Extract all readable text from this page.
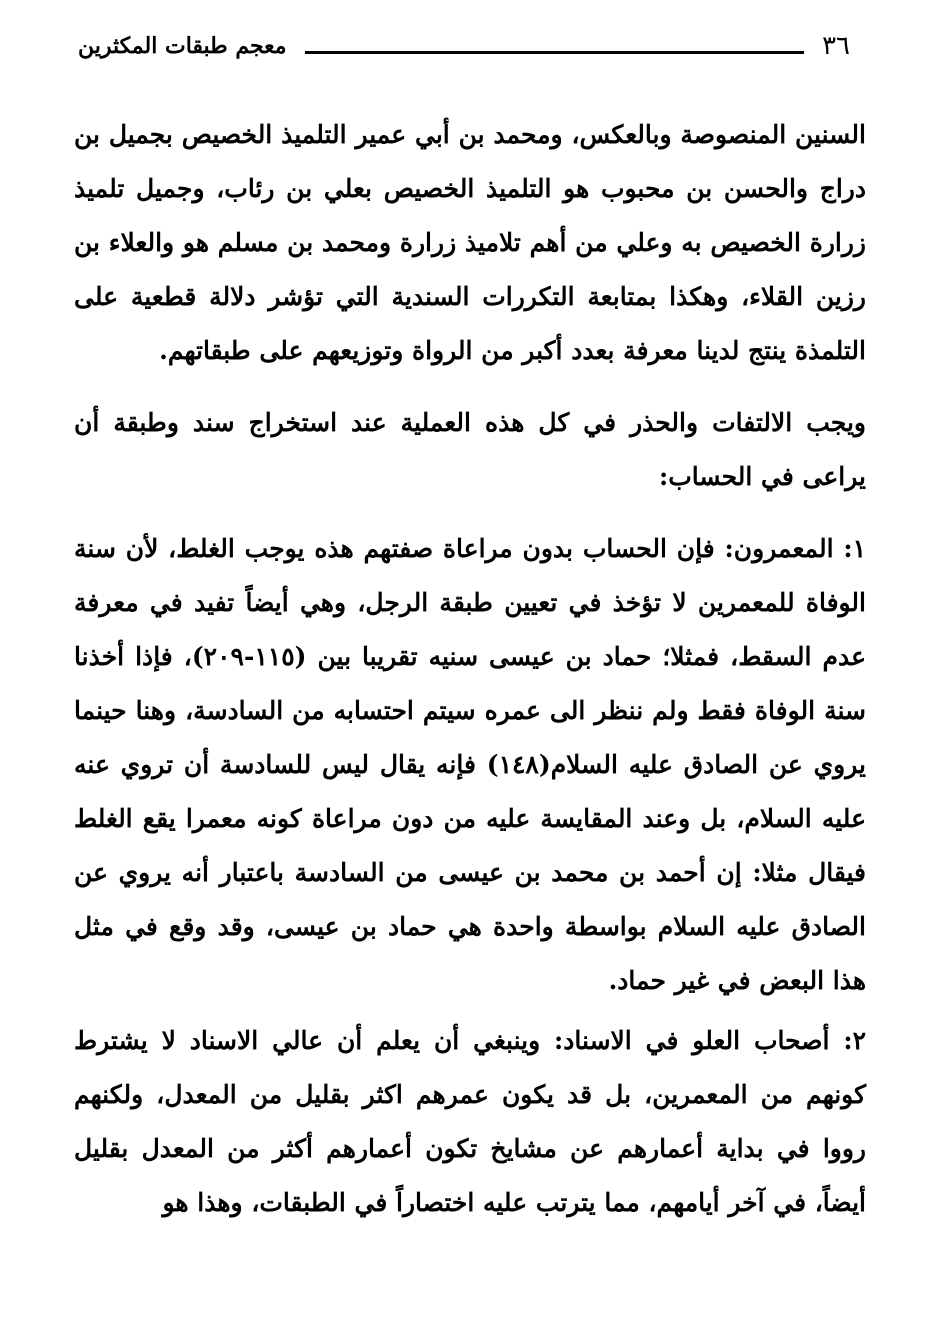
٣٦
معجم طبقات المكثرين

السنين المنصوصة وبالعكس، ومحمد بن أبي عمير التلميذ الخصيص بجميل بن دراج والحسن بن محبوب هو التلميذ الخصيص بعلي بن رئاب، وجميل تلميذ زرارة الخصيص به وعلي من أهم تلاميذ زرارة ومحمد بن مسلم هو والعلاء بن رزين القلاء، وهكذا بمتابعة التكررات السندية التي تؤشر دلالة قطعية على التلمذة ينتج لدينا معرفة بعدد أكبر من الرواة وتوزيعهم على طبقاتهم.

ويجب الالتفات والحذر في كل هذه العملية عند استخراج سند وطبقة أن يراعى في الحساب:

١: المعمرون: فإن الحساب بدون مراعاة صفتهم هذه يوجب الغلط، لأن سنة الوفاة للمعمرين لا تؤخذ في تعيين طبقة الرجل، وهي أيضاً تفيد في معرفة عدم السقط، فمثلا؛ حماد بن عيسى سنيه تقريبا بين (١١٥-٢٠٩)، فإذا أخذنا سنة الوفاة فقط ولم ننظر الى عمره سيتم احتسابه من السادسة، وهنا حينما يروي عن الصادق عليه السلام(١٤٨) فإنه يقال ليس للسادسة أن تروي عنه عليه السلام، بل وعند المقايسة عليه من دون مراعاة كونه معمرا يقع الغلط فيقال مثلا: إن أحمد بن محمد بن عيسى من السادسة باعتبار أنه يروي عن الصادق عليه السلام بواسطة واحدة هي حماد بن عيسى، وقد وقع في مثل هذا البعض في غير حماد.

٢: أصحاب العلو في الاسناد: وينبغي أن يعلم أن عالي الاسناد لا يشترط كونهم من المعمرين، بل قد يكون عمرهم اكثر بقليل من المعدل، ولكنهم رووا في بداية أعمارهم عن مشايخ تكون أعمارهم أكثر من المعدل بقليل أيضاً، في آخر أيامهم، مما يترتب عليه اختصاراً في الطبقات، وهذا هو
